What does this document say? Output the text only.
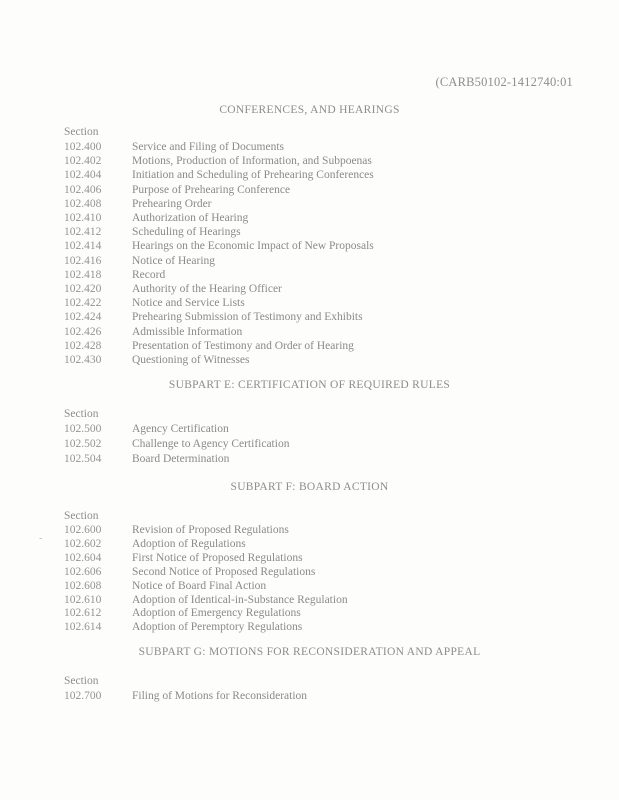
(CARB50102-1412740:01
-
CONFERENCES, AND HEARINGS
Section
102.400	Service and Filing of Documents
102.402	Motions, Production of Information, and Subpoenas
102.404	Initiation and Scheduling of Prehearing Conferences
102.406	Purpose of Prehearing Conference
102.408	Prehearing Order
102.410	Authorization of Hearing
102.412	Scheduling of Hearings
102.414	Hearings on the Economic Impact of New Proposals
102.416	Notice of Hearing
102.418	Record
102.420	Authority of the Hearing Officer
102.422	Notice and Service Lists
102.424	Prehearing Submission of Testimony and Exhibits
102.426	Admissible Information
102.428	Presentation of Testimony and Order of Hearing
102.430	Questioning of Witnesses
SUBPART E: CERTIFICATION OF REQUIRED RULES
Section
102.500	Agency Certification
102.502	Challenge to Agency Certification
102.504	Board Determination
SUBPART F: BOARD ACTION
Section
102.600	Revision of Proposed Regulations
102.602	Adoption of Regulations
102.604	First Notice of Proposed Regulations
102.606	Second Notice of Proposed Regulations
102.608	Notice of Board Final Action
102.610	Adoption of Identical-in-Substance Regulation
102.612	Adoption of Emergency Regulations
102.614	Adoption of Peremptory Regulations
SUBPART G: MOTIONS FOR RECONSIDERATION AND APPEAL
Section
102.700	Filing of Motions for Reconsideration
